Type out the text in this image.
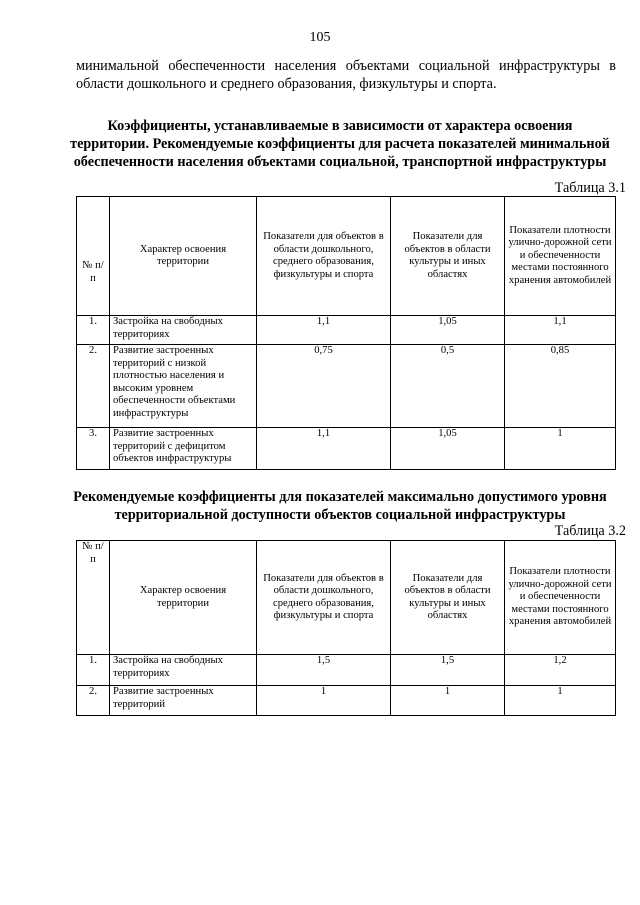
105
минимальной обеспеченности населения объектами социальной инфраструктуры в области дошкольного и среднего образования, физкультуры и спорта.
Коэффициенты, устанавливаемые в зависимости от характера освоения территории. Рекомендуемые коэффициенты для расчета показателей минимальной обеспеченности населения объектами социальной, транспортной инфраструктуры
Таблица 3.1
№ п/п	Характер освоения территории	Показатели для объектов в области дошкольного, среднего образования, физкультуры и спорта	Показатели для объектов в области культуры и иных областях	Показатели плотности улично-дорожной сети и обеспеченности местами постоянного хранения автомобилей
1.	Застройка на свободных территориях	1,1	1,05	1,1
2.	Развитие застроенных территорий с низкой плотностью населения и высоким уровнем обеспеченности объектами инфраструктуры	0,75	0,5	0,85
3.	Развитие застроенных территорий с дефицитом объектов инфраструктуры	1,1	1,05	1
Рекомендуемые коэффициенты для показателей максимально допустимого уровня территориальной доступности объектов социальной инфраструктуры
Таблица 3.2
№ п/п	Характер освоения территории	Показатели для объектов в области дошкольного, среднего образования, физкультуры и спорта	Показатели для объектов в области культуры и иных областях	Показатели плотности улично-дорожной сети и обеспеченности местами постоянного хранения автомобилей
1.	Застройка на свободных территориях	1,5	1,5	1,2
2.	Развитие застроенных территорий	1	1	1
